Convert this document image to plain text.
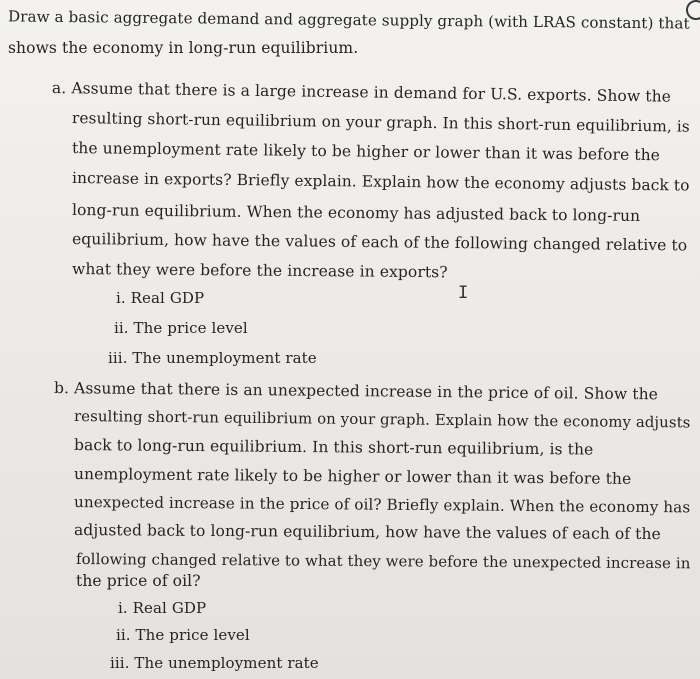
Draw a basic aggregate demand and aggregate supply graph (with LRAS constant) that
shows the economy in long-run equilibrium.
a. Assume that there is a large increase in demand for U.S. exports. Show the
resulting short-run equilibrium on your graph. In this short-run equilibrium, is
the unemployment rate likely to be higher or lower than it was before the
increase in exports? Briefly explain. Explain how the economy adjusts back to
long-run equilibrium. When the economy has adjusted back to long-run
equilibrium, how have the values of each of the following changed relative to
what they were before the increase in exports?
I
i. Real GDP
ii. The price level
iii. The unemployment rate
b. Assume that there is an unexpected increase in the price of oil. Show the
resulting short-run equilibrium on your graph. Explain how the economy adjusts
back to long-run equilibrium. In this short-run equilibrium, is the
unemployment rate likely to be higher or lower than it was before the
unexpected increase in the price of oil? Briefly explain. When the economy has
adjusted back to long-run equilibrium, how have the values of each of the
following changed relative to what they were before the unexpected increase in
the price of oil?
i. Real GDP
ii. The price level
iii. The unemployment rate
